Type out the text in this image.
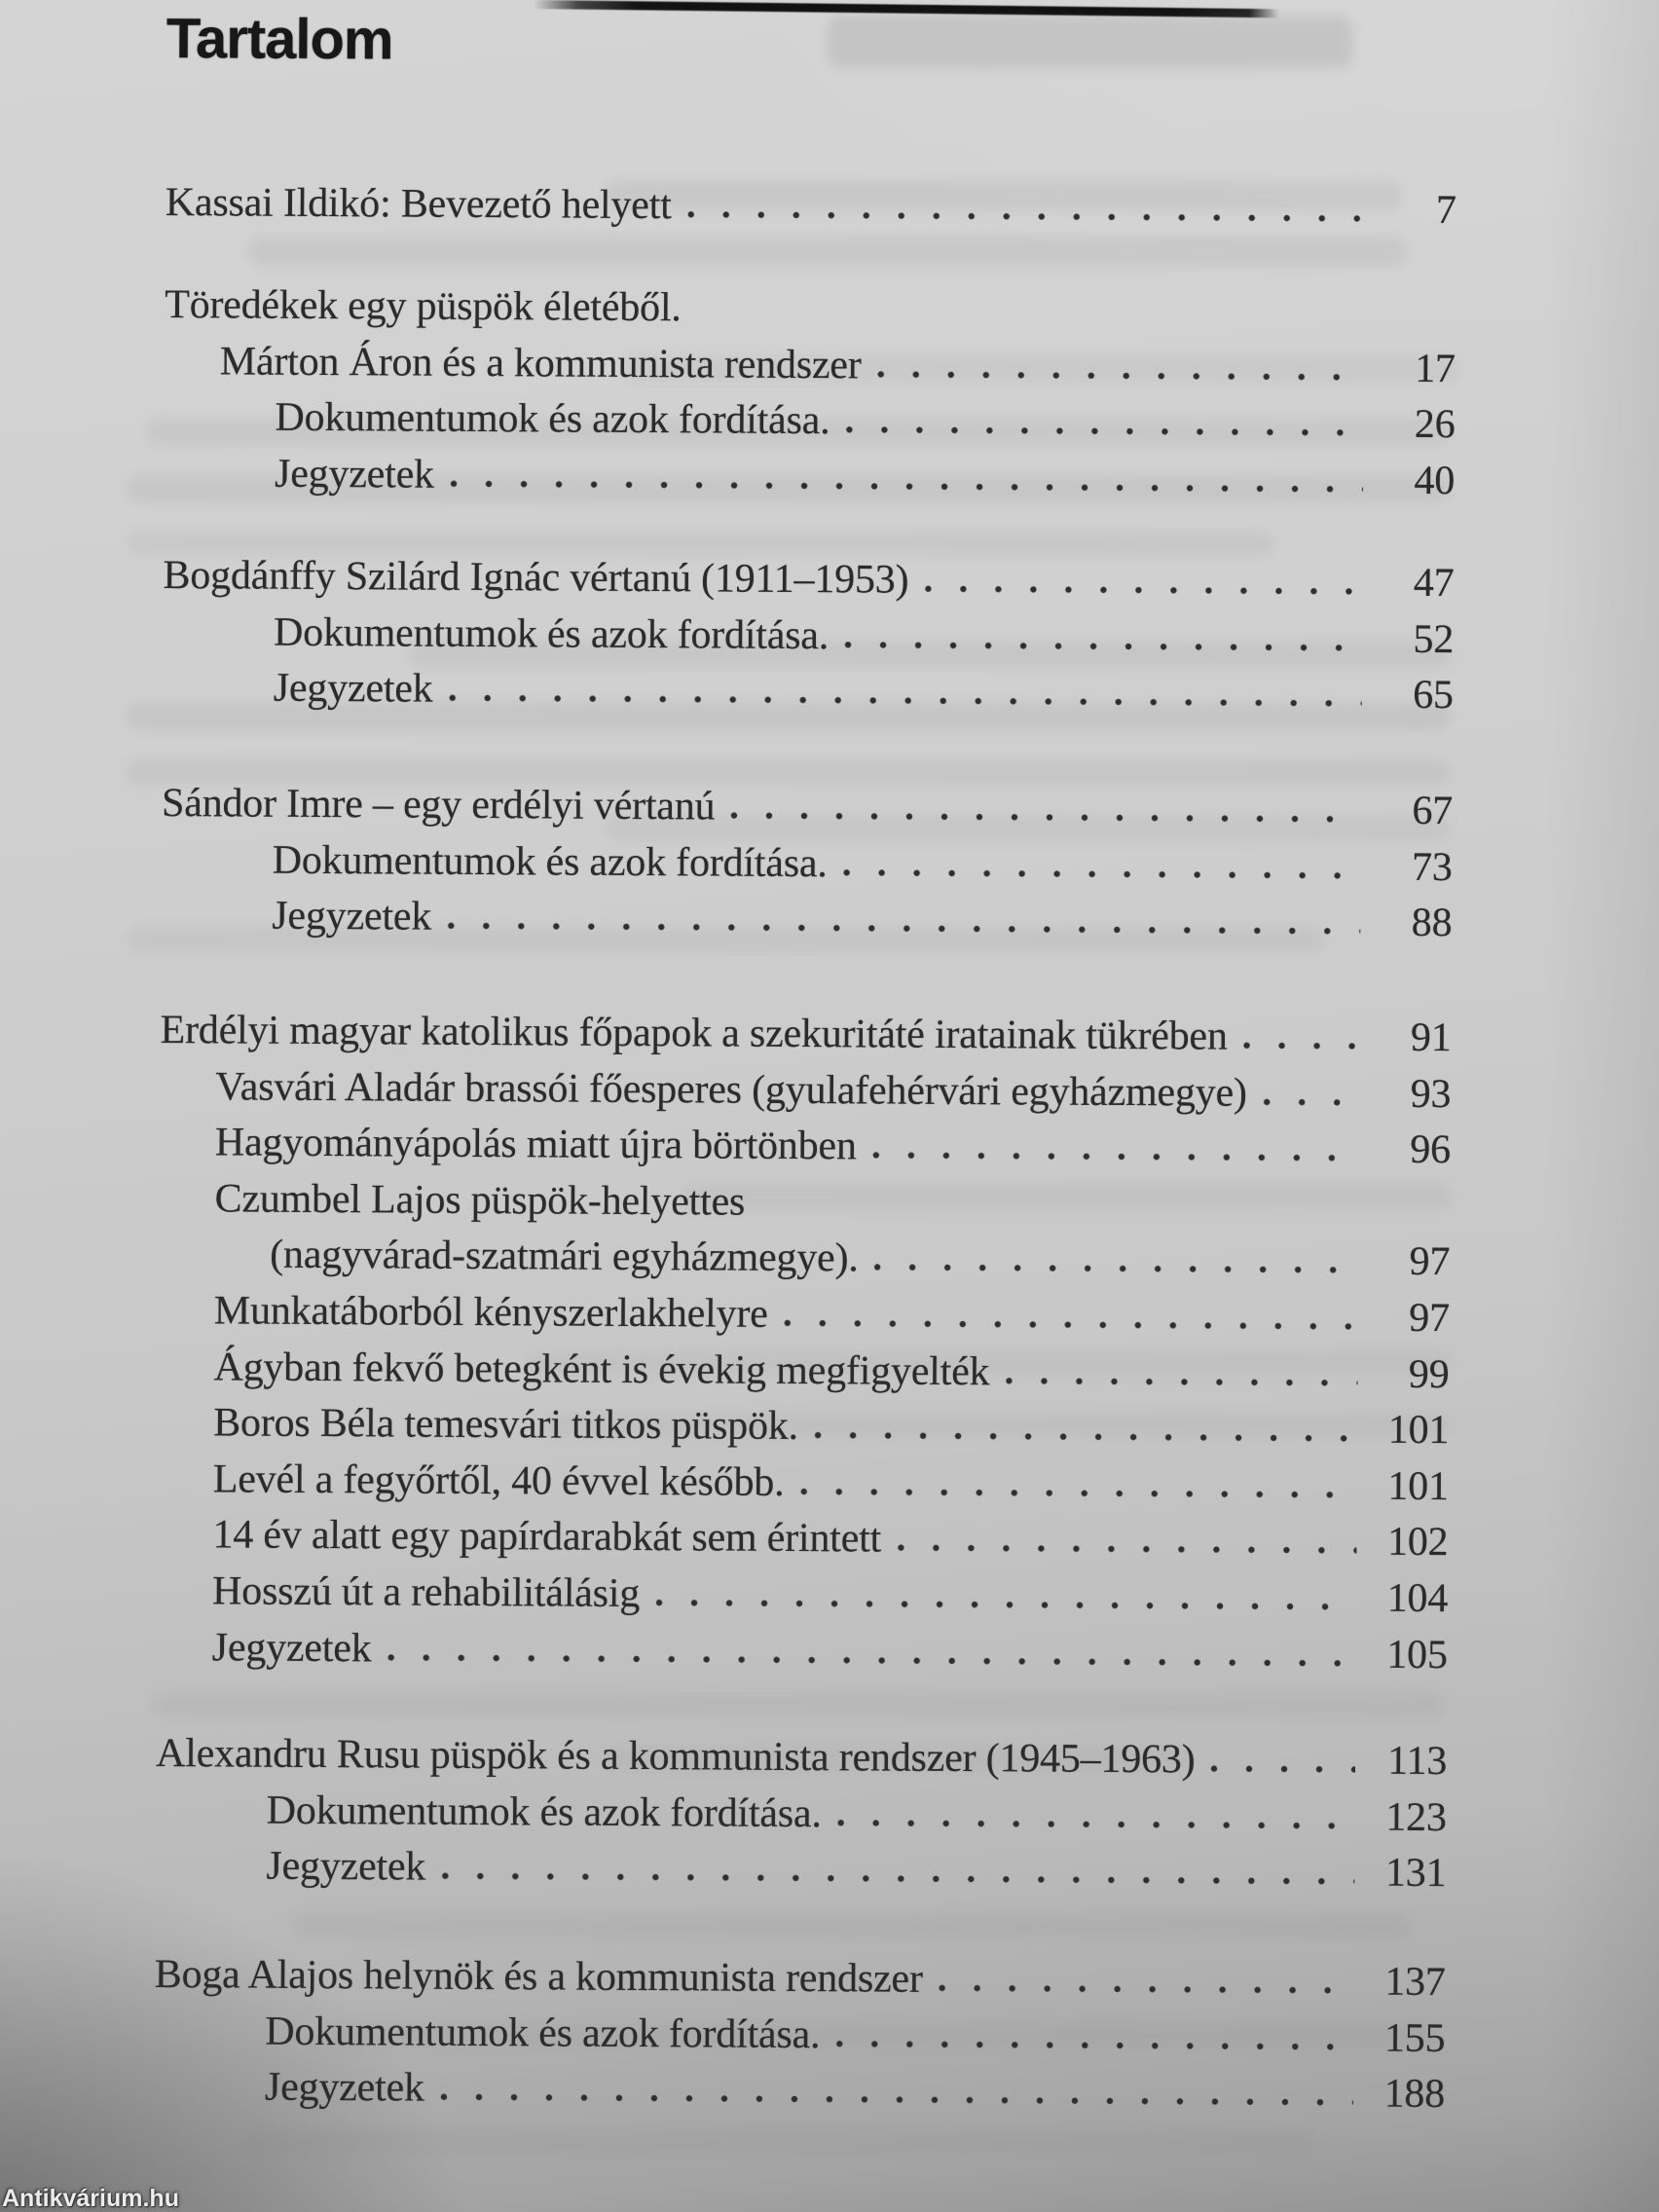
Tartalom
Kassai Ildikó: Bevezető helyett	7
Töredékek egy püspök életéből.
Márton Áron és a kommunista rendszer	17
Dokumentumok és azok fordítása.	26
Jegyzetek	40
Bogdánffy Szilárd Ignác vértanú (1911–1953)	47
Dokumentumok és azok fordítása.	52
Jegyzetek	65
Sándor Imre – egy erdélyi vértanú	67
Dokumentumok és azok fordítása.	73
Jegyzetek	88
Erdélyi magyar katolikus főpapok a szekuritáté iratainak tükrében	91
Vasvári Aladár brassói főesperes (gyulafehérvári egyházmegye)	93
Hagyományápolás miatt újra börtönben	96
Czumbel Lajos püspök-helyettes
(nagyvárad-szatmári egyházmegye).	97
Munkatáborból kényszerlakhelyre	97
Ágyban fekvő betegként is évekig megfigyelték	99
Boros Béla temesvári titkos püspök.	101
Levél a fegyőrtől, 40 évvel később.	101
14 év alatt egy papírdarabkát sem érintett	102
Hosszú út a rehabilitálásig	104
Jegyzetek	105
Alexandru Rusu püspök és a kommunista rendszer (1945–1963)	113
Dokumentumok és azok fordítása.	123
Jegyzetek	131
Boga Alajos helynök és a kommunista rendszer	137
Dokumentumok és azok fordítása.	155
Jegyzetek	188
Antikvárium.hu
